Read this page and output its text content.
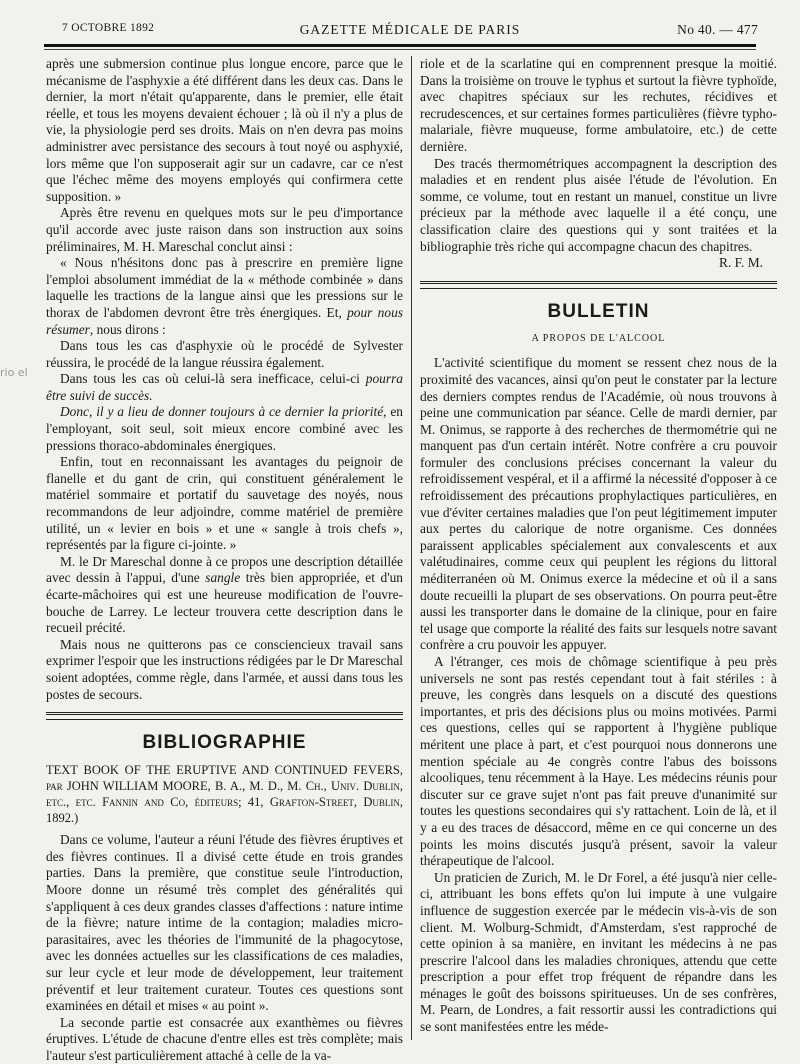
7 OCTOBRE 1892	GAZETTE MÉDICALE DE PARIS	No 40. — 477
rio el

après une submersion continue plus longue encore, parce que le mécanisme de l'asphyxie a été différent dans les deux cas. Dans le dernier, la mort n'était qu'apparente, dans le premier, elle était réelle, et tous les moyens devaient échouer ; là où il n'y a plus de vie, la physiologie perd ses droits. Mais on n'en devra pas moins administrer avec persistance des secours à tout noyé ou asphyxié, lors même que l'on supposerait agir sur un cadavre, car ce n'est que l'échec même des moyens employés qui confirmera cette supposition. »

Après être revenu en quelques mots sur le peu d'importance qu'il accorde avec juste raison dans son instruction aux soins préliminaires, M. H. Mareschal conclut ainsi :

« Nous n'hésitons donc pas à prescrire en première ligne l'emploi absolument immédiat de la « méthode combinée » dans laquelle les tractions de la langue ainsi que les pressions sur le thorax de l'abdomen devront être très énergiques. Et, pour nous résumer, nous dirons :

Dans tous les cas d'asphyxie où le procédé de Sylvester réussira, le procédé de la langue réussira également.

Dans tous les cas où celui-là sera inefficace, celui-ci pourra être suivi de succès.

Donc, il y a lieu de donner toujours à ce dernier la priorité, en l'employant, soit seul, soit mieux encore combiné avec les pressions thoraco-abdominales énergiques.

Enfin, tout en reconnaissant les avantages du peignoir de flanelle et du gant de crin, qui constituent généralement le matériel sommaire et portatif du sauvetage des noyés, nous recommandons de leur adjoindre, comme matériel de première utilité, un « levier en bois » et une « sangle à trois chefs », représentés par la figure ci-jointe. »

M. le Dr Mareschal donne à ce propos une description détaillée avec dessin à l'appui, d'une sangle très bien appropriée, et d'un écarte-mâchoires qui est une heureuse modification de l'ouvre-bouche de Larrey. Le lecteur trouvera cette description dans le recueil précité.

Mais nous ne quitterons pas ce consciencieux travail sans exprimer l'espoir que les instructions rédigées par le Dr Mareschal soient adoptées, comme règle, dans l'armée, et aussi dans tous les postes de secours.

BIBLIOGRAPHIE

TEXT BOOK OF THE ERUPTIVE AND CONTINUED FEVERS, par JOHN WILLIAM MOORE, B. A., M. D., M. Ch., Univ. Dublin, etc., etc. Fannin and Co, éditeurs; 41, Grafton-Street, Dublin, 1892.)

Dans ce volume, l'auteur a réuni l'étude des fièvres éruptives et des fièvres continues. Il a divisé cette étude en trois grandes parties. Dans la première, que constitue seule l'introduction, Moore donne un résumé très complet des généralités qui s'appliquent à ces deux grandes classes d'affections : nature intime de la fièvre; nature intime de la contagion; maladies micro-parasitaires, avec les théories de l'immunité de la phagocytose, avec les données actuelles sur les classifications de ces maladies, sur leur cycle et leur mode de développement, leur traitement préventif et leur traitement curateur. Toutes ces questions sont examinées en détail et mises « au point ».

La seconde partie est consacrée aux exanthèmes ou fièvres éruptives. L'étude de chacune d'entre elles est très complète; mais l'auteur s'est particulièrement attaché à celle de la va-

riole et de la scarlatine qui en comprennent presque la moitié. Dans la troisième on trouve le typhus et surtout la fièvre typhoïde, avec chapitres spéciaux sur les rechutes, récidives et recrudescences, et sur certaines formes particulières (fièvre typho-malariale, fièvre muqueuse, forme ambulatoire, etc.) de cette dernière.

Des tracés thermométriques accompagnent la description des maladies et en rendent plus aisée l'étude de l'évolution. En somme, ce volume, tout en restant un manuel, constitue un livre précieux par la méthode avec laquelle il a été conçu, une classification claire des questions qui y sont traitées et la bibliographie très riche qui accompagne chacun des chapitres.

R. F. M.

BULLETIN
A PROPOS DE L'ALCOOL

L'activité scientifique du moment se ressent chez nous de la proximité des vacances, ainsi qu'on peut le constater par la lecture des derniers comptes rendus de l'Académie, où nous trouvons à peine une communication par séance. Celle de mardi dernier, par M. Onimus, se rapporte à des recherches de thermométrie qui ne manquent pas d'un certain intérêt. Notre confrère a cru pouvoir formuler des conclusions précises concernant la valeur du refroidissement vespéral, et il a affirmé la nécessité d'opposer à ce refroidissement des précautions prophylactiques particulières, en vue d'éviter certaines maladies que l'on peut légitimement imputer aux pertes du calorique de notre organisme. Ces données paraissent applicables spécialement aux convalescents et aux valétudinaires, comme ceux qui peuplent les régions du littoral méditerranéen où M. Onimus exerce la médecine et où il a sans doute recueilli la plupart de ses observations. On pourra peut-être aussi les transporter dans le domaine de la clinique, pour en faire tel usage que comporte la réalité des faits sur lesquels notre savant confrère a cru pouvoir les appuyer.

A l'étranger, ces mois de chômage scientifique à peu près universels ne sont pas restés cependant tout à fait stériles : à preuve, les congrès dans lesquels on a discuté des questions importantes, et pris des décisions plus ou moins motivées. Parmi ces questions, celles qui se rapportent à l'hygiène publique méritent une place à part, et c'est pourquoi nous donnerons une mention spéciale au 4e congrès contre l'abus des boissons alcooliques, tenu récemment à la Haye. Les médecins réunis pour discuter sur ce grave sujet n'ont pas fait preuve d'unanimité sur toutes les questions secondaires qui s'y rattachent. Loin de là, et il y a eu des traces de désaccord, même en ce qui concerne un des points les moins discutés jusqu'à présent, savoir la valeur thérapeutique de l'alcool.

Un praticien de Zurich, M. le Dr Forel, a été jusqu'à nier celle-ci, attribuant les bons effets qu'on lui impute à une vulgaire influence de suggestion exercée par le médecin vis-à-vis de son client. M. Wolburg-Schmidt, d'Amsterdam, s'est rapproché de cette opinion à sa manière, en invitant les médecins à ne pas prescrire l'alcool dans les maladies chroniques, attendu que cette prescription a pour effet trop fréquent de répandre dans les ménages le goût des boissons spiritueuses. Un de ses confrères, M. Pearn, de Londres, a fait ressortir aussi les contradictions qui se sont manifestées entre les méde-
